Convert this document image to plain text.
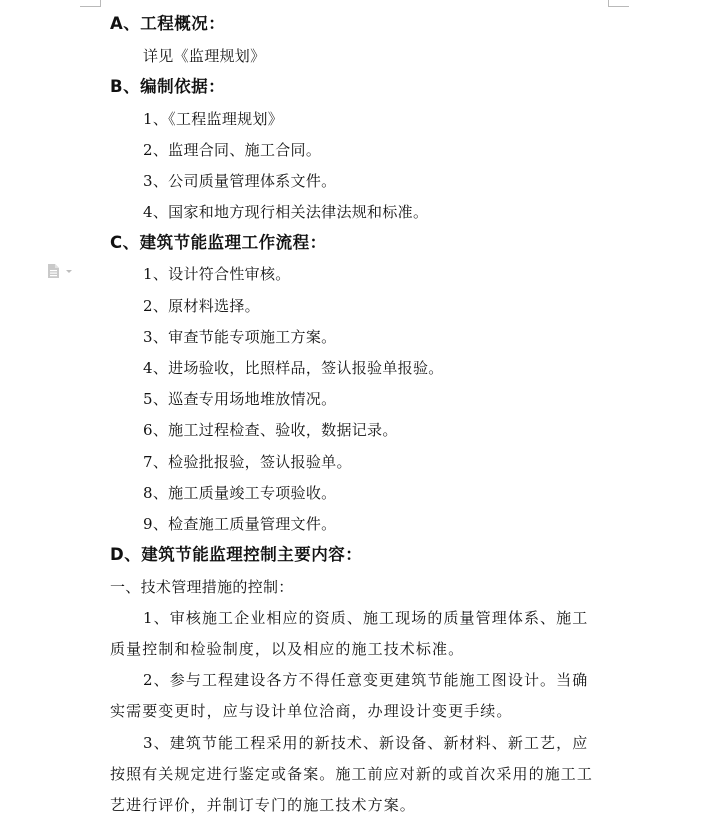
A、工程概况：
详见《监理规划》
B、编制依据：
1、《工程监理规划》
2、监理合同、施工合同。
3、公司质量管理体系文件。
4、国家和地方现行相关法律法规和标准。
C、建筑节能监理工作流程：
1、设计符合性审核。
2、原材料选择。
3、审查节能专项施工方案。
4、进场验收，比照样品，签认报验单报验。
5、巡查专用场地堆放情况。
6、施工过程检查、验收，数据记录。
7、检验批报验，签认报验单。
8、施工质量竣工专项验收。
9、检查施工质量管理文件。
D、建筑节能监理控制主要内容：
一、技术管理措施的控制：
1、审核施工企业相应的资质、施工现场的质量管理体系、施工
质量控制和检验制度，以及相应的施工技术标准。
2、参与工程建设各方不得任意变更建筑节能施工图设计。当确
实需要变更时，应与设计单位洽商，办理设计变更手续。
3、建筑节能工程采用的新技术、新设备、新材料、新工艺，应
按照有关规定进行鉴定或备案。施工前应对新的或首次采用的施工工
艺进行评价，并制订专门的施工技术方案。
